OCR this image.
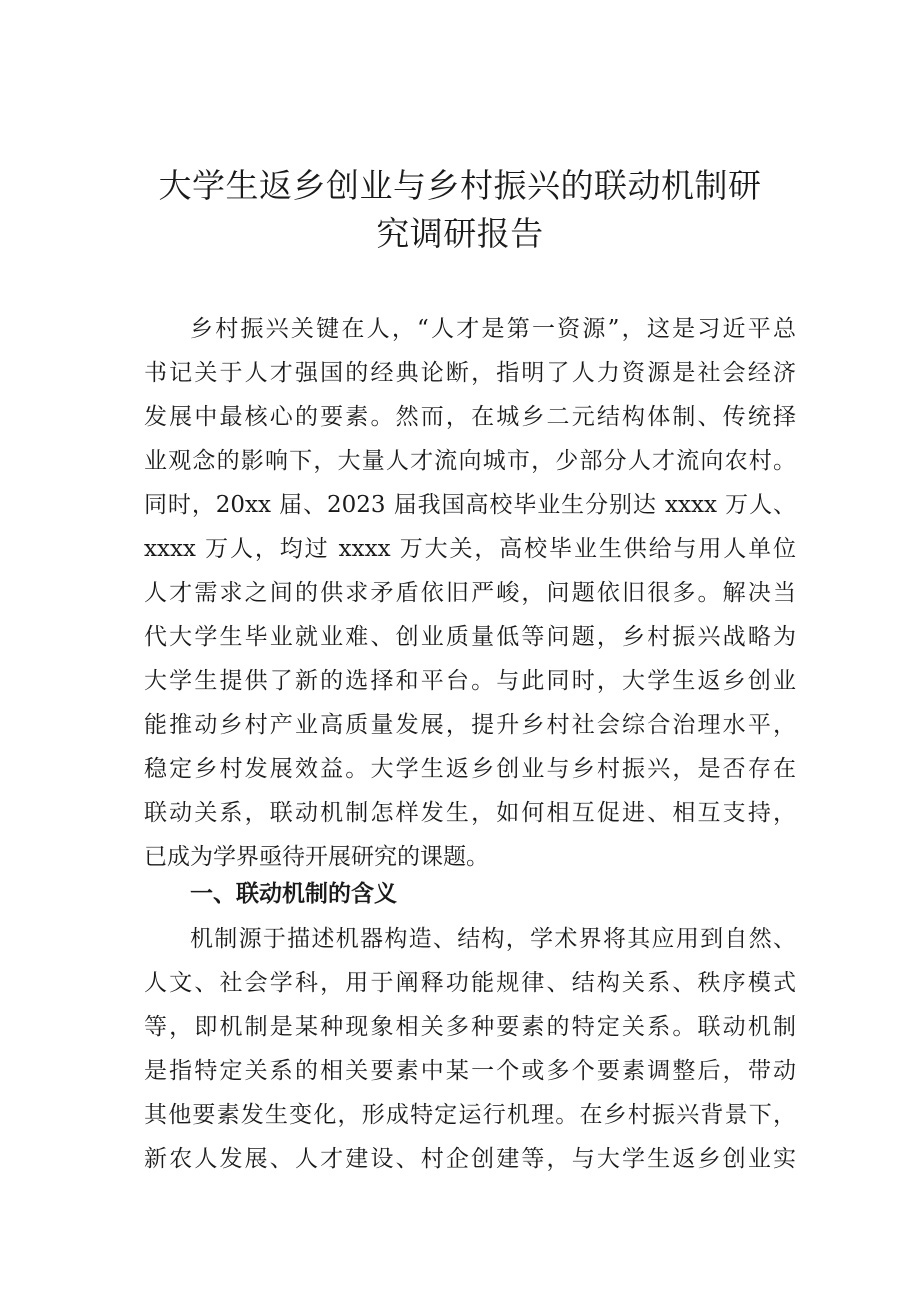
大学生返乡创业与乡村振兴的联动机制研
究调研报告
乡村振兴关键在人，“人才是第一资源”，这是习近平总
书记关于人才强国的经典论断，指明了人力资源是社会经济
发展中最核心的要素。然而，在城乡二元结构体制、传统择
业观念的影响下，大量人才流向城市，少部分人才流向农村。
同时，20xx 届、2023 届我国高校毕业生分别达 xxxx 万人、
xxxx 万人，均过 xxxx 万大关，高校毕业生供给与用人单位
人才需求之间的供求矛盾依旧严峻，问题依旧很多。解决当
代大学生毕业就业难、创业质量低等问题，乡村振兴战略为
大学生提供了新的选择和平台。与此同时，大学生返乡创业
能推动乡村产业高质量发展，提升乡村社会综合治理水平，
稳定乡村发展效益。大学生返乡创业与乡村振兴，是否存在
联动关系，联动机制怎样发生，如何相互促进、相互支持，
已成为学界亟待开展研究的课题。
一、联动机制的含义
机制源于描述机器构造、结构，学术界将其应用到自然、
人文、社会学科，用于阐释功能规律、结构关系、秩序模式
等，即机制是某种现象相关多种要素的特定关系。联动机制
是指特定关系的相关要素中某一个或多个要素调整后，带动
其他要素发生变化，形成特定运行机理。在乡村振兴背景下，
新农人发展、人才建设、村企创建等，与大学生返乡创业实
